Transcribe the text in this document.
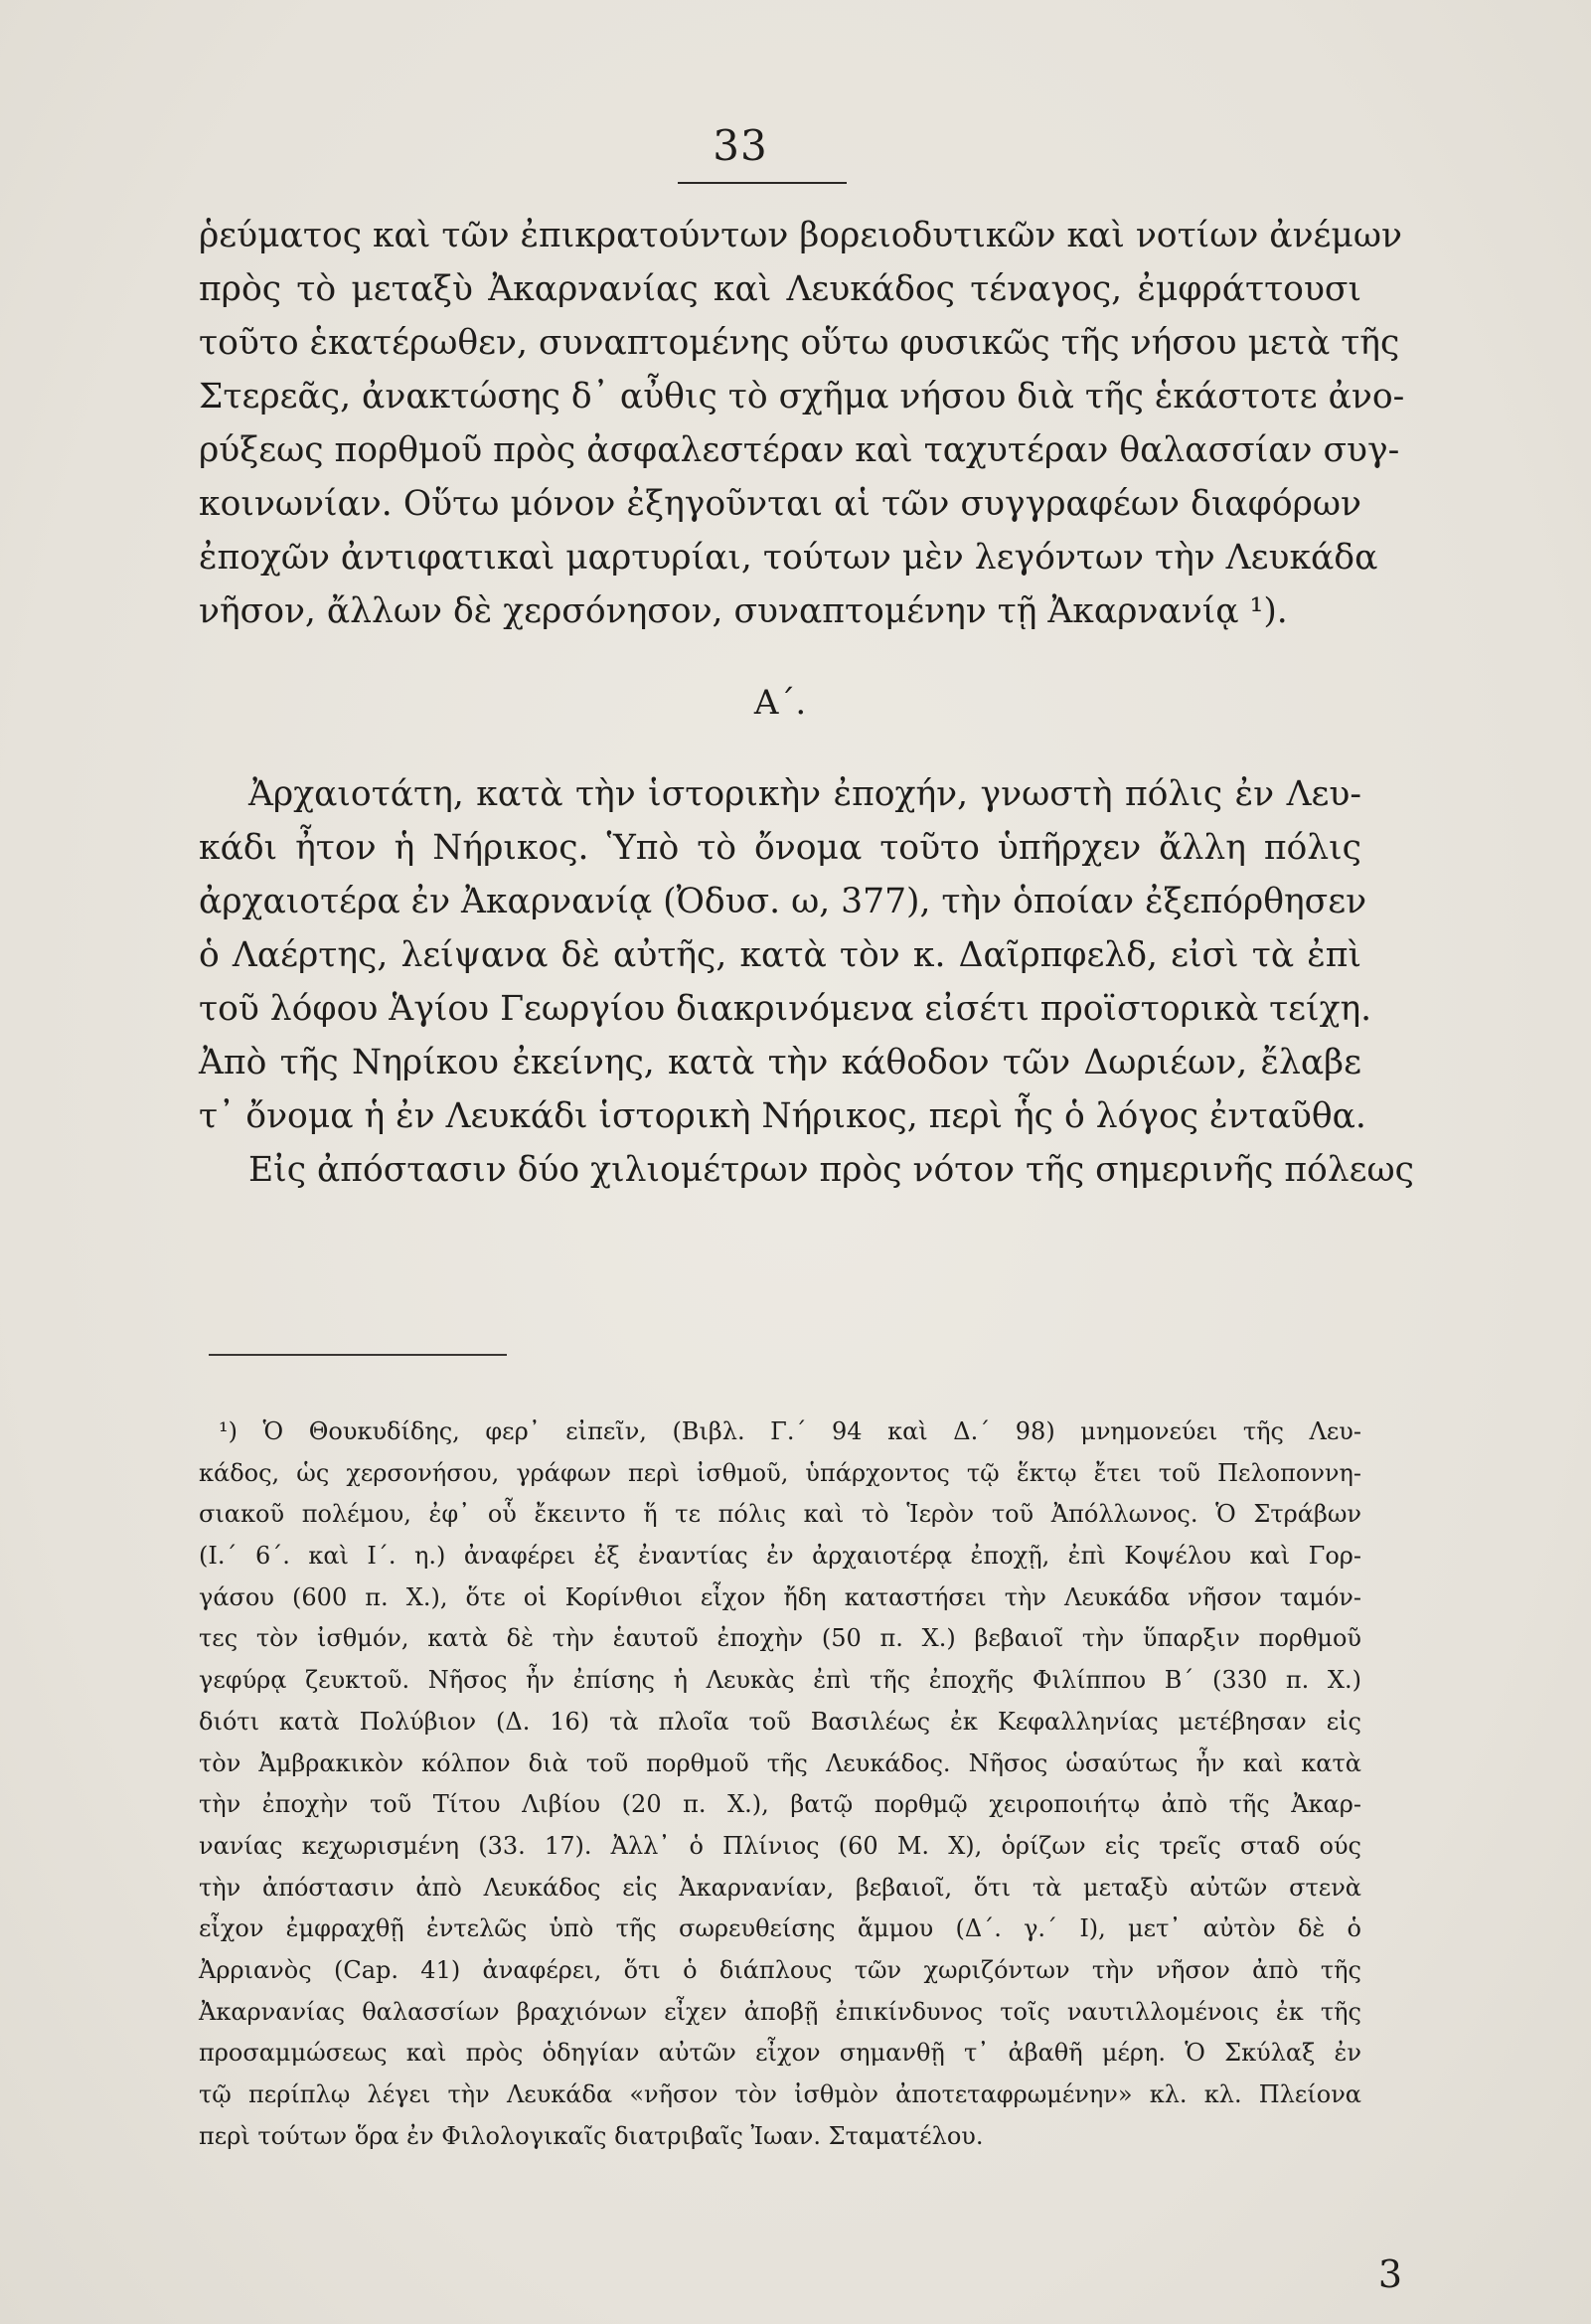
33
ῥεύματος καὶ τῶν ἐπικρατούντων βορειοδυτικῶν καὶ νοτίων ἀνέμων
πρὸς τὸ μεταξὺ Ἀκαρνανίας καὶ Λευκάδος τέναγος, ἐμφράττουσι
τοῦτο ἑκατέρωθεν, συναπτομένης οὕτω φυσικῶς τῆς νήσου μετὰ τῆς
Στερεᾶς, ἀνακτώσης δ᾽ αὖθις τὸ σχῆμα νήσου διὰ τῆς ἑκάστοτε ἀνο-
ρύξεως πορθμοῦ πρὸς ἀσφαλεστέραν καὶ ταχυτέραν θαλασσίαν συγ-
κοινωνίαν. Οὕτω μόνον ἐξηγοῦνται αἱ τῶν συγγραφέων διαφόρων
ἐποχῶν ἀντιφατικαὶ μαρτυρίαι, τούτων μὲν λεγόντων τὴν Λευκάδα
νῆσον, ἄλλων δὲ χερσόνησον, συναπτομένην τῇ Ἀκαρνανίᾳ ¹).
Α΄.
Ἀρχαιοτάτη, κατὰ τὴν ἱστορικὴν ἐποχήν, γνωστὴ πόλις ἐν Λευ-
κάδι ἦτον ἡ Νήρικος. Ὑπὸ τὸ ὄνομα τοῦτο ὑπῆρχεν ἄλλη πόλις
ἀρχαιοτέρα ἐν Ἀκαρνανίᾳ (Ὀδυσ. ω, 377), τὴν ὁποίαν ἐξεπόρθησεν
ὁ Λαέρτης, λείψανα δὲ αὐτῆς, κατὰ τὸν κ. Δαῖρπφελδ, εἰσὶ τὰ ἐπὶ
τοῦ λόφου Ἁγίου Γεωργίου διακρινόμενα εἰσέτι προϊστορικὰ τείχη.
Ἀπὸ τῆς Νηρίκου ἐκείνης, κατὰ τὴν κάθοδον τῶν Δωριέων, ἔλαβε
τ᾽ ὄνομα ἡ ἐν Λευκάδι ἱστορικὴ Νήρικος, περὶ ἧς ὁ λόγος ἐνταῦθα.
Εἰς ἀπόστασιν δύο χιλιομέτρων πρὸς νότον τῆς σημερινῆς πόλεως
¹) Ὁ Θουκυδίδης, φερ᾽ εἰπεῖν, (Βιβλ. Γ.΄ 94 καὶ Δ.΄ 98) μνημονεύει τῆς Λευ-
κάδος, ὡς χερσονήσου, γράφων περὶ ἰσθμοῦ, ὑπάρχοντος τῷ ἕκτῳ ἔτει τοῦ Πελοποννη-
σιακοῦ πολέμου, ἐφ᾽ οὗ ἔκειντο ἥ τε πόλις καὶ τὸ Ἱερὸν τοῦ Ἀπόλλωνος. Ὁ Στράβων
(Ι.΄ 6΄. καὶ Ι΄. η.) ἀναφέρει ἐξ ἐναντίας ἐν ἀρχαιοτέρᾳ ἐποχῇ, ἐπὶ Κοψέλου καὶ Γορ-
γάσου (600 π. Χ.), ὅτε οἱ Κορίνθιοι εἶχον ἤδη καταστήσει τὴν Λευκάδα νῆσον ταμόν-
τες τὸν ἰσθμόν, κατὰ δὲ τὴν ἑαυτοῦ ἐποχὴν (50 π. Χ.) βεβαιοῖ τὴν ὕπαρξιν πορθμοῦ
γεφύρᾳ ζευκτοῦ. Νῆσος ἦν ἐπίσης ἡ Λευκὰς ἐπὶ τῆς ἐποχῆς Φιλίππου Β΄ (330 π. Χ.)
διότι κατὰ Πολύβιον (Δ. 16) τὰ πλοῖα τοῦ Βασιλέως ἐκ Κεφαλληνίας μετέβησαν εἰς
τὸν Ἀμβρακικὸν κόλπον διὰ τοῦ πορθμοῦ τῆς Λευκάδος. Νῆσος ὡσαύτως ἦν καὶ κατὰ
τὴν ἐποχὴν τοῦ Τίτου Λιβίου (20 π. Χ.), βατῷ πορθμῷ χειροποιήτῳ ἀπὸ τῆς Ἀκαρ-
νανίας κεχωρισμένη (33. 17). Ἀλλ᾽ ὁ Πλίνιος (60 Μ. Χ), ὁρίζων εἰς τρεῖς σταδ ούς
τὴν ἀπόστασιν ἀπὸ Λευκάδος εἰς Ἀκαρνανίαν, βεβαιοῖ, ὅτι τὰ μεταξὺ αὐτῶν στενὰ
εἶχον ἐμφραχθῇ ἐντελῶς ὑπὸ τῆς σωρευθείσης ἄμμου (Δ΄. γ.΄ Ι), μετ᾽ αὐτὸν δὲ ὁ
Ἀρριανὸς (Cap. 41) ἀναφέρει, ὅτι ὁ διάπλους τῶν χωριζόντων τὴν νῆσον ἀπὸ τῆς
Ἀκαρνανίας θαλασσίων βραχιόνων εἶχεν ἀποβῇ ἐπικίνδυνος τοῖς ναυτιλλομένοις ἐκ τῆς
προσαμμώσεως καὶ πρὸς ὁδηγίαν αὐτῶν εἶχον σημανθῇ τ᾽ ἀβαθῆ μέρη. Ὁ Σκύλαξ ἐν
τῷ περίπλῳ λέγει τὴν Λευκάδα «νῆσον τὸν ἰσθμὸν ἀποτεταφρωμένην» κλ. κλ. Πλείονα
περὶ τούτων ὅρα ἐν Φιλολογικαῖς διατριβαῖς Ἰωαν. Σταματέλου.
3
